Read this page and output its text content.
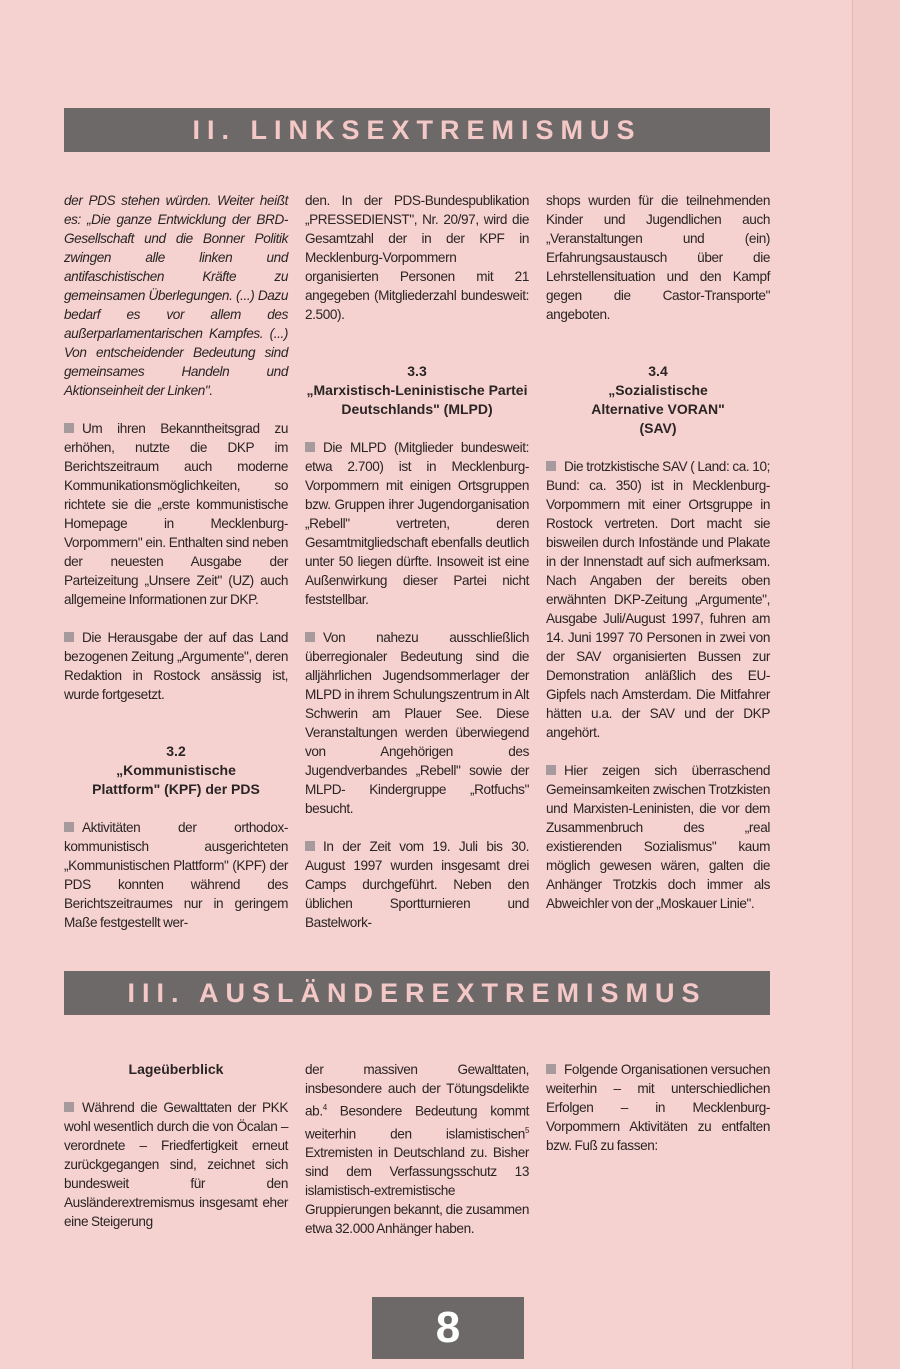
II. LINKSEXTREMISMUS

der PDS stehen würden. Weiter heißt es: „Die ganze Entwicklung der BRD-Gesellschaft und die Bonner Politik zwingen alle linken und antifaschistischen Kräfte zu gemeinsamen Überlegungen. (...) Dazu bedarf es vor allem des außerparlamentarischen Kampfes. (...) Von entscheidender Bedeutung sind gemeinsames Handeln und Aktionseinheit der Linken".

Um ihren Bekanntheitsgrad zu erhöhen, nutzte die DKP im Berichtszeitraum auch moderne Kommunikationsmöglichkeiten, so richtete sie die „erste kommunistische Homepage in Mecklenburg-Vorpommern" ein. Enthalten sind neben der neuesten Ausgabe der Parteizeitung „Unsere Zeit" (UZ) auch allgemeine Informationen zur DKP.

Die Herausgabe der auf das Land bezogenen Zeitung „Argumente", deren Redaktion in Rostock ansässig ist, wurde fortgesetzt.

3.2
„Kommunistische Plattform" (KPF) der PDS

Aktivitäten der orthodox-kommunistisch ausgerichteten „Kommunistischen Plattform" (KPF) der PDS konnten während des Berichtszeitraumes nur in geringem Maße festgestellt wer-

den. In der PDS-Bundespublikation „PRESSEDIENST", Nr. 20/97, wird die Gesamtzahl der in der KPF in Mecklenburg-Vorpommern organisierten Personen mit 21 angegeben (Mitgliederzahl bundesweit: 2.500).

3.3
„Marxistisch-Leninistische Partei Deutschlands" (MLPD)

Die MLPD (Mitglieder bundesweit: etwa 2.700) ist in Mecklenburg-Vorpommern mit einigen Ortsgruppen bzw. Gruppen ihrer Jugendorganisation „Rebell" vertreten, deren Gesamtmitgliedschaft ebenfalls deutlich unter 50 liegen dürfte. Insoweit ist eine Außenwirkung dieser Partei nicht feststellbar.

Von nahezu ausschließlich überregionaler Bedeutung sind die alljährlichen Jugendsommerlager der MLPD in ihrem Schulungszentrum in Alt Schwerin am Plauer See. Diese Veranstaltungen werden überwiegend von Angehörigen des Jugendverbandes „Rebell" sowie der MLPD- Kindergruppe „Rotfuchs" besucht.

In der Zeit vom 19. Juli bis 30. August 1997 wurden insgesamt drei Camps durchgeführt. Neben den üblichen Sportturnieren und Bastelwork-

shops wurden für die teilnehmenden Kinder und Jugendlichen auch „Veranstaltungen und (ein) Erfahrungsaustausch über die Lehrstellensituation und den Kampf gegen die Castor-Transporte" angeboten.

3.4
„Sozialistische Alternative VORAN" (SAV)

Die trotzkistische SAV ( Land: ca. 10; Bund: ca. 350) ist in Mecklenburg-Vorpommern mit einer Ortsgruppe in Rostock vertreten. Dort macht sie bisweilen durch Infostände und Plakate in der Innenstadt auf sich aufmerksam. Nach Angaben der bereits oben erwähnten DKP-Zeitung „Argumente", Ausgabe Juli/August 1997, fuhren am 14. Juni 1997 70 Personen in zwei von der SAV organisierten Bussen zur Demonstration anläßlich des EU-Gipfels nach Amsterdam. Die Mitfahrer hätten u.a. der SAV und der DKP angehört.

Hier zeigen sich überraschend Gemeinsamkeiten zwischen Trotzkisten und Marxisten-Leninisten, die vor dem Zusammenbruch des „real existierenden Sozialismus" kaum möglich gewesen wären, galten die Anhänger Trotzkis doch immer als Abweichler von der „Moskauer Linie".

III. AUSLÄNDEREXTREMISMUS
Lageüberblick

Während die Gewalttaten der PKK wohl wesentlich durch die von Öcalan – verordnete – Friedfertigkeit erneut zurückgegangen sind, zeichnet sich bundesweit für den Ausländerextremismus insgesamt eher eine Steigerung

der massiven Gewalttaten, insbesondere auch der Tötungsdelikte ab.$^4$ Besondere Bedeutung kommt weiterhin den islamistischen$^5$ Extremisten in Deutschland zu. Bisher sind dem Verfassungsschutz 13 islamistisch-extremistische Gruppierungen bekannt, die zusammen etwa 32.000 Anhänger haben.

Folgende Organisationen versuchen weiterhin – mit unterschiedlichen Erfolgen – in Mecklenburg-Vorpommern Aktivitäten zu entfalten bzw. Fuß zu fassen:

8
